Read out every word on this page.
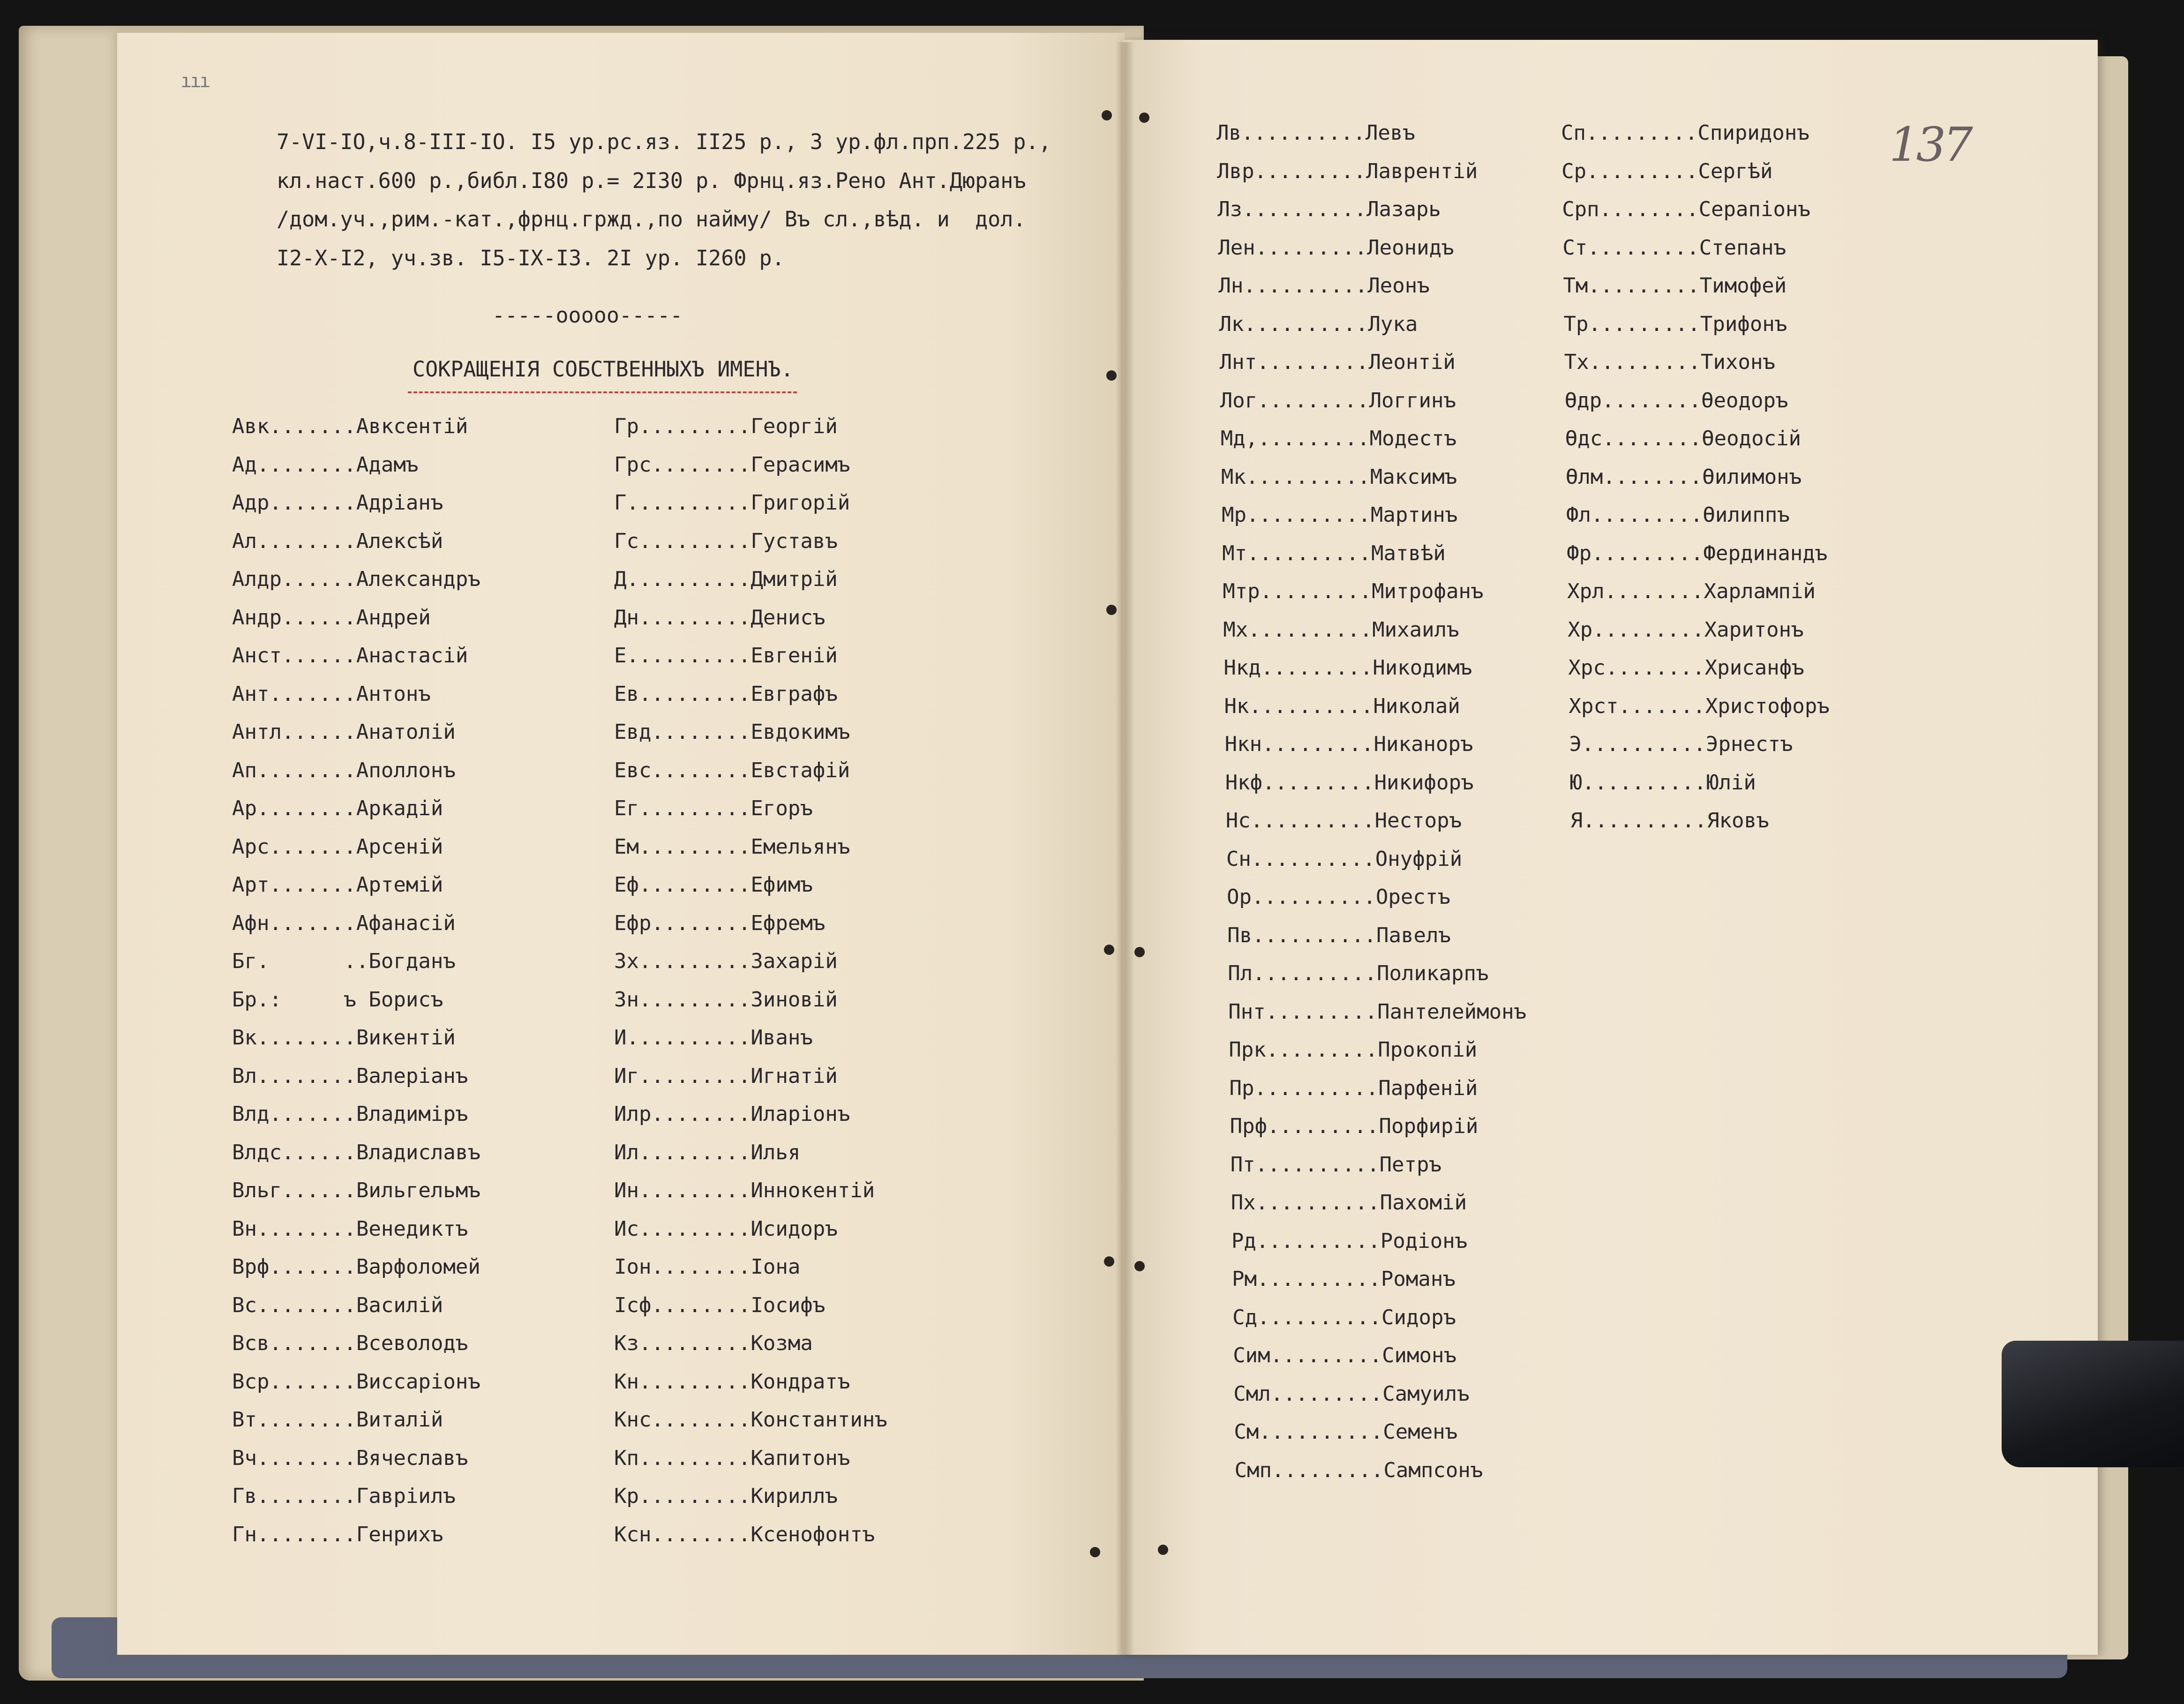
ııı
7-VI-IO,ч.8-III-IO. I5 ур.рс.яз. II25 р., 3 ур.фл.прп.225 р.,
кл.наст.600 р.,библ.I80 р.= 2I30 р. Фрнц.яз.Рено Ант.Дюранъ
/дом.уч.,рим.-кат.,фрнц.гржд.,по найму/ Въ сл.,вѣд. и  дол.
I2-X-I2, уч.зв. I5-IX-I3. 2I ур. I260 р.
-----ooooo-----
СОКРАЩЕНІЯ СОБСТВЕННЫХЪ ИМЕНЪ.
137
Авк.......Авксентій
Ад........Адамъ
Адр.......Адріанъ
Ал........Алексѣй
Алдр......Александръ
Андр......Андрей
Анст......Анастасій
Ант.......Антонъ
Антл......Анатолій
Ап........Аполлонъ
Ар........Аркадій
Арс.......Арсеній
Арт.......Артемій
Афн.......Афанасій
Бг.      ..Богданъ
Бр.:     ъ Борисъ
Вк........Викентій
Вл........Валеріанъ
Влд.......Владиміръ
Влдс......Владиславъ
Вльг......Вильгельмъ
Вн........Венедиктъ
Врф.......Варфоломей
Вс........Василій
Всв.......Всеволодъ
Вср.......Виссаріонъ
Вт........Виталій
Вч........Вячеславъ
Гв........Гавріилъ
Гн........Генрихъ
Гр.........Георгій
Грс........Герасимъ
Г..........Григорій
Гс.........Густавъ
Д..........Дмитрій
Дн.........Денисъ
Е..........Евгеній
Ев.........Евграфъ
Евд........Евдокимъ
Евс........Евстафій
Ег.........Егоръ
Ем.........Емельянъ
Еф.........Ефимъ
Ефр........Ефремъ
Зх.........Захарій
Зн.........Зиновій
И..........Иванъ
Иг.........Игнатій
Илр........Иларіонъ
Ил.........Илья
Ин.........Иннокентій
Ис.........Исидоръ
Іон........Іона
Ісф........Іосифъ
Кз.........Козма
Кн.........Кондратъ
Кнс........Константинъ
Кп.........Капитонъ
Кр.........Кириллъ
Ксн........Ксенофонтъ
Лв..........Левъ
Лвр.........Лаврентій
Лз..........Лазарь
Лен.........Леонидъ
Лн..........Леонъ
Лк..........Лука
Лнт.........Леонтій
Лог.........Логгинъ
Мд,.........Модестъ
Мк..........Максимъ
Мр..........Мартинъ
Мт..........Матвѣй
Мтр.........Митрофанъ
Мх..........Михаилъ
Нкд.........Никодимъ
Нк..........Николай
Нкн.........Никаноръ
Нкф.........Никифоръ
Нс..........Несторъ
Сн..........Онуфрій
Ор..........Орестъ
Пв..........Павелъ
Пл..........Поликарпъ
Пнт.........Пантелеймонъ
Прк.........Прокопій
Пр..........Парфеній
Прф.........Порфирій
Пт..........Петръ
Пх..........Пахомій
Рд..........Родіонъ
Рм..........Романъ
Сд..........Сидоръ
Сим.........Симонъ
Смл.........Самуилъ
См..........Семенъ
Смп.........Сампсонъ
Сп.........Спиридонъ
Ср.........Сергѣй
Срп........Серапіонъ
Ст.........Степанъ
Тм.........Тимофей
Тр.........Трифонъ
Тх.........Тихонъ
Өдр........Өеодоръ
Өдс........Өеодосій
Өлм........Өилимонъ
Фл.........Өилиппъ
Фр.........Фердинандъ
Хрл........Харлампій
Хр.........Харитонъ
Хрс........Хрисанфъ
Хрст.......Христофоръ
Э..........Эрнестъ
Ю..........Юлій
Я..........Яковъ
